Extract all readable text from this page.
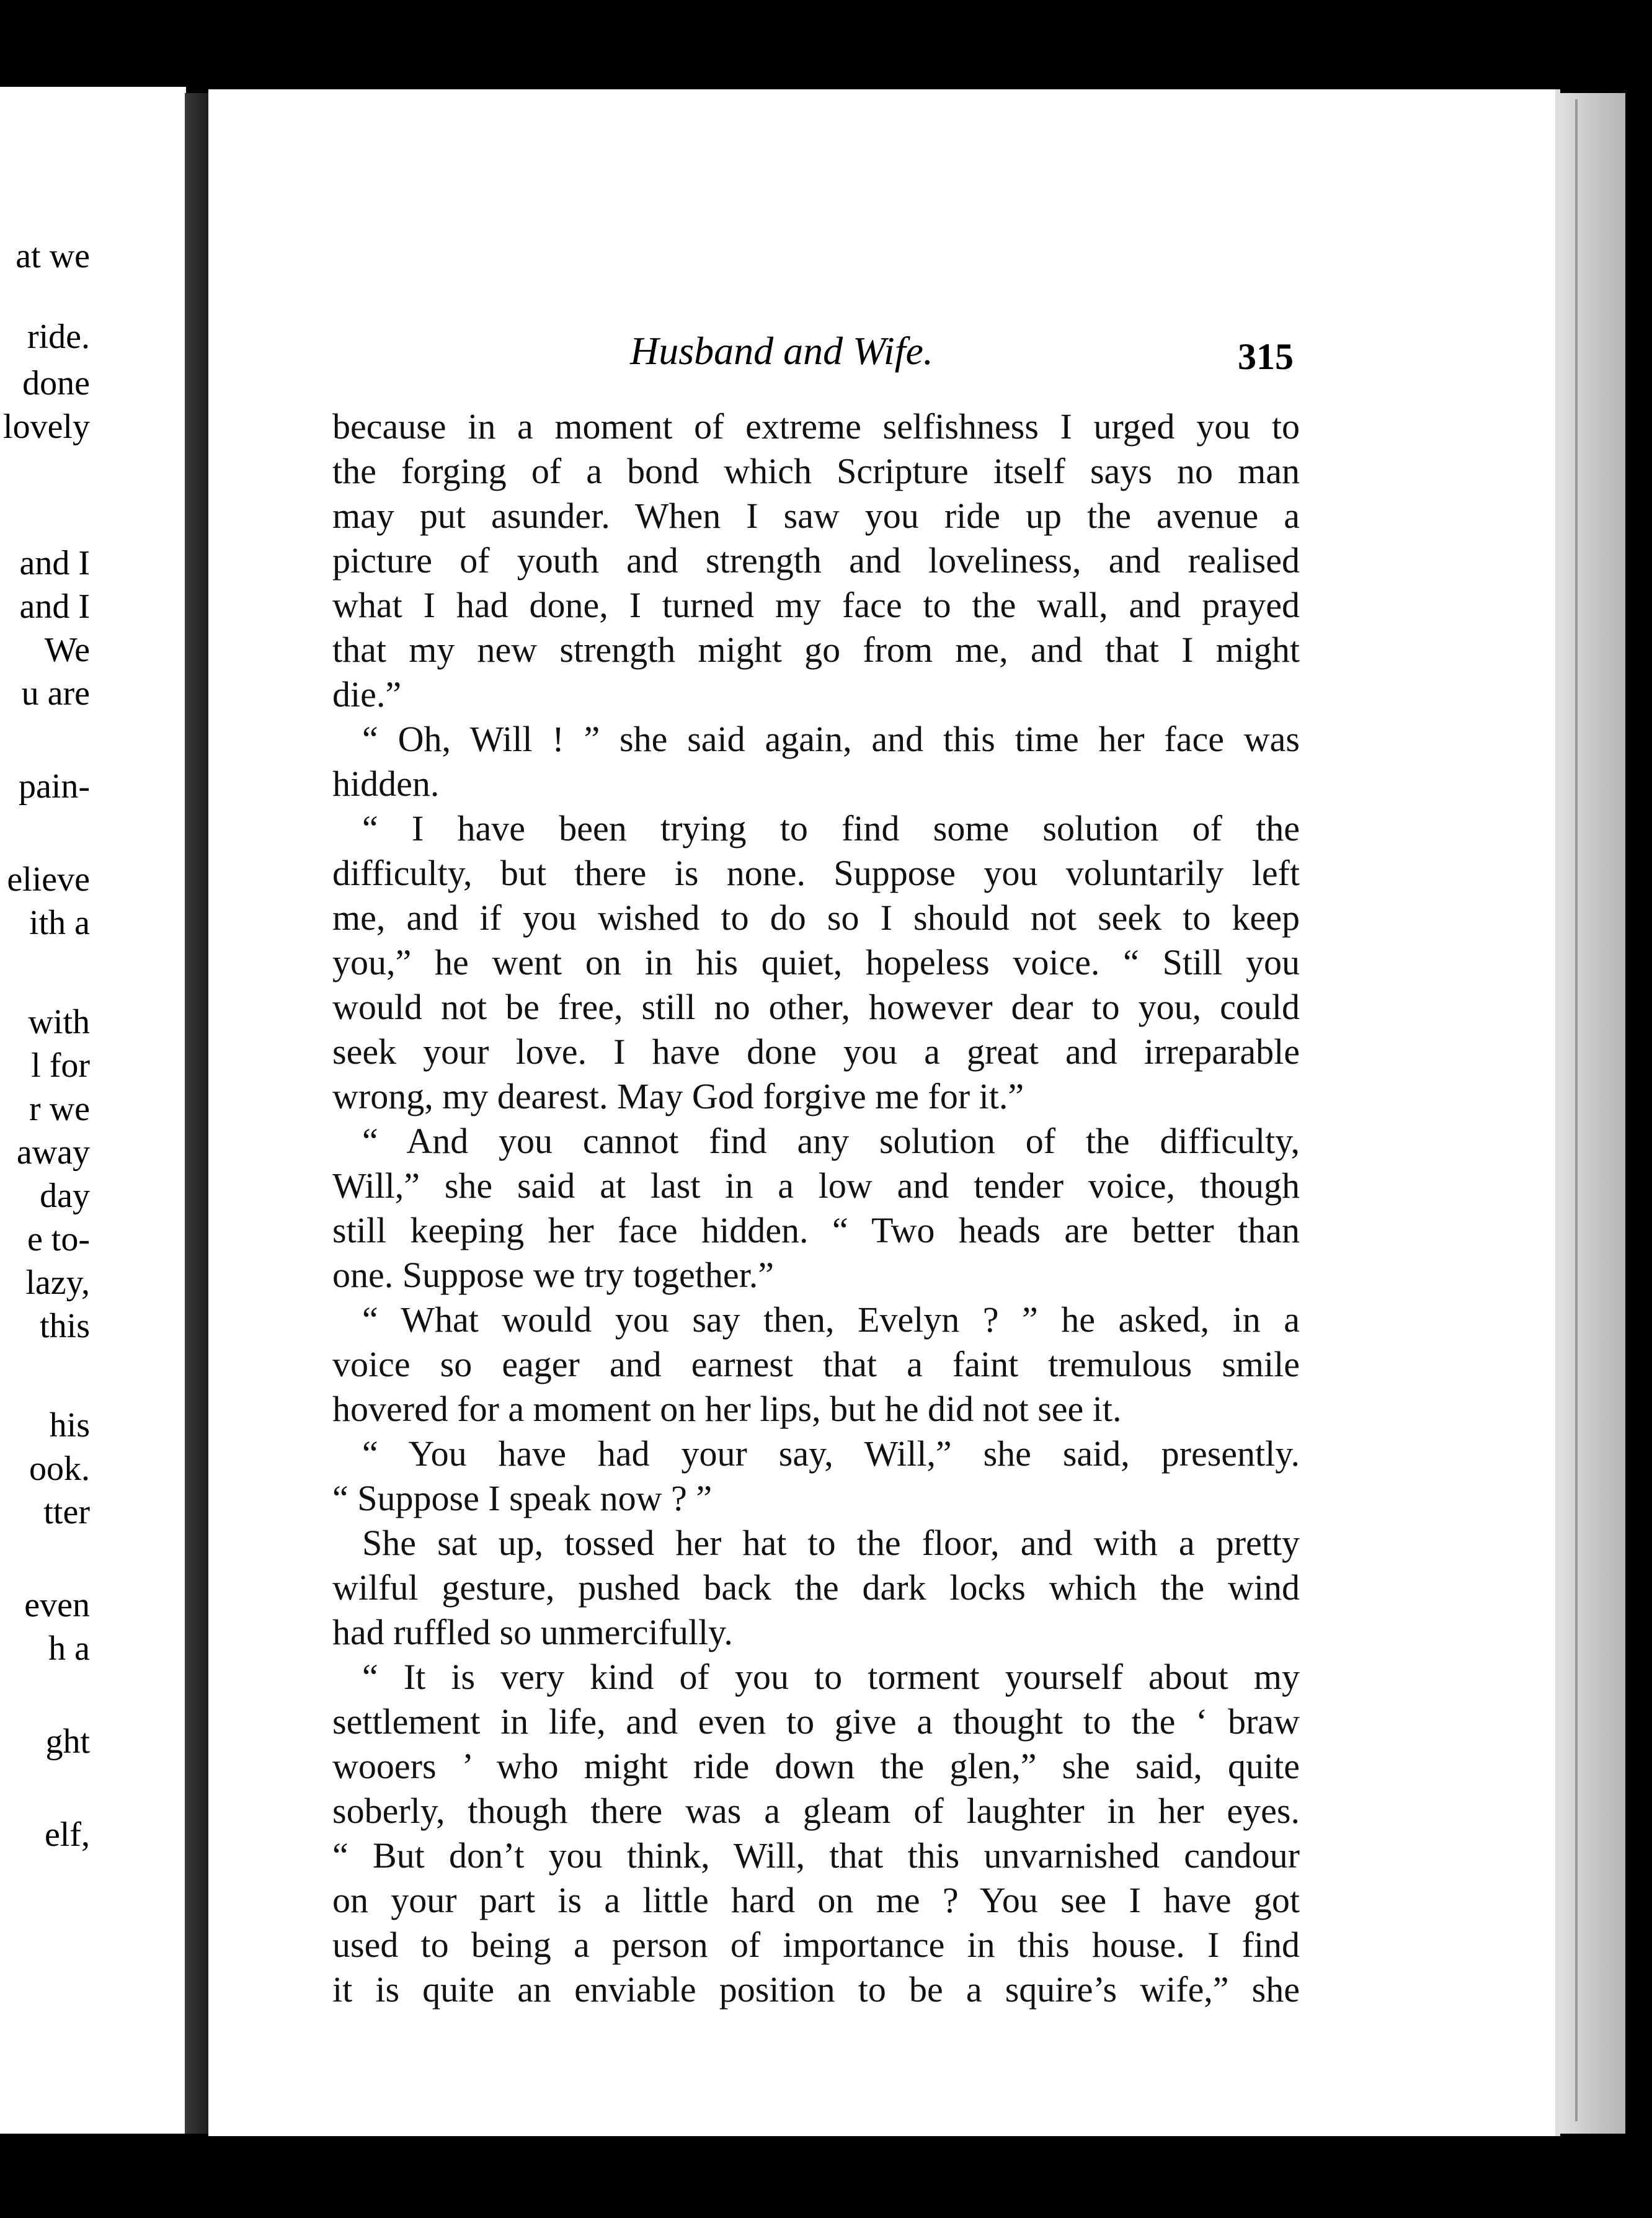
at we
ride.
done
lovely
and I
and I
We
u are
pain-
elieve
ith a
with
l for
r we
away
day
e to-
lazy,
this
his
ook.
tter
even
h a
ght
elf,
Husband and Wife.	315
because in a moment of extreme selfishness I urged you to
the forging of a bond which Scripture itself says no man
may put asunder. When I saw you ride up the avenue a
picture of youth and strength and loveliness, and realised
what I had done, I turned my face to the wall, and prayed
that my new strength might go from me, and that I might
die.”
“ Oh, Will ! ” she said again, and this time her face was
hidden.
“ I have been trying to find some solution of the
difficulty, but there is none. Suppose you voluntarily left
me, and if you wished to do so I should not seek to keep
you,” he went on in his quiet, hopeless voice. “ Still you
would not be free, still no other, however dear to you, could
seek your love. I have done you a great and irreparable
wrong, my dearest. May God forgive me for it.”
“ And you cannot find any solution of the difficulty,
Will,” she said at last in a low and tender voice, though
still keeping her face hidden. “ Two heads are better than
one. Suppose we try together.”
“ What would you say then, Evelyn ? ” he asked, in a
voice so eager and earnest that a faint tremulous smile
hovered for a moment on her lips, but he did not see it.
“ You have had your say, Will,” she said, presently.
“ Suppose I speak now ? ”
She sat up, tossed her hat to the floor, and with a pretty
wilful gesture, pushed back the dark locks which the wind
had ruffled so unmercifully.
“ It is very kind of you to torment yourself about my
settlement in life, and even to give a thought to the ‘ braw
wooers ’ who might ride down the glen,” she said, quite
soberly, though there was a gleam of laughter in her eyes.
“ But don’t you think, Will, that this unvarnished candour
on your part is a little hard on me ? You see I have got
used to being a person of importance in this house. I find
it is quite an enviable position to be a squire’s wife,” she
